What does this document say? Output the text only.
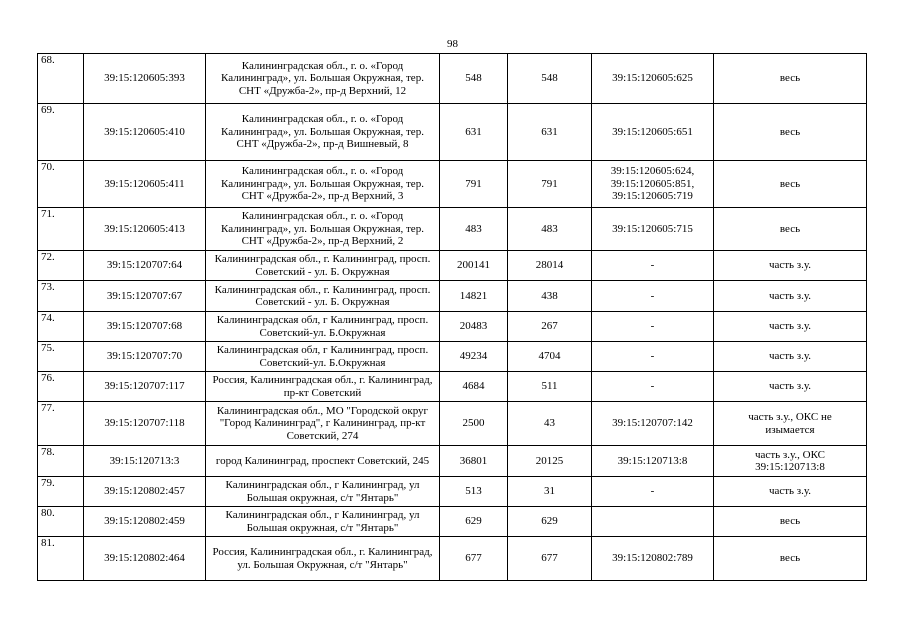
98
68.	39:15:120605:393	Калининградская обл., г. о. «Город Калининград», ул. Большая Окружная, тер. СНТ «Дружба-2», пр-д Верхний, 12	548	548	39:15:120605:625	весь
69.	39:15:120605:410	Калининградская обл., г. о. «Город Калининград», ул. Большая Окружная, тер. СНТ «Дружба-2», пр-д Вишневый, 8	631	631	39:15:120605:651	весь
70.	39:15:120605:411	Калининградская обл., г. о. «Город Калининград», ул. Большая Окружная, тер. СНТ «Дружба-2», пр-д Верхний, 3	791	791	39:15:120605:624,
39:15:120605:851,
39:15:120605:719	весь
71.	39:15:120605:413	Калининградская обл., г. о. «Город Калининград», ул. Большая Окружная, тер. СНТ «Дружба-2», пр-д Верхний, 2	483	483	39:15:120605:715	весь
72.	39:15:120707:64	Калининградская обл., г. Калининград, просп. Советский - ул. Б. Окружная	200141	28014	-	часть з.у.
73.	39:15:120707:67	Калининградская обл., г. Калининград, просп. Советский - ул. Б. Окружная	14821	438	-	часть з.у.
74.	39:15:120707:68	Калининградская обл, г Калининград, просп. Советский-ул. Б.Окружная	20483	267	-	часть з.у.
75.	39:15:120707:70	Калининградская обл, г Калининград, просп. Советский-ул. Б.Окружная	49234	4704	-	часть з.у.
76.	39:15:120707:117	Россия, Калининградская обл., г. Калининград, пр-кт Советский	4684	511	-	часть з.у.
77.	39:15:120707:118	Калининградская обл., МО "Городской округ "Город Калининград", г Калининград, пр-кт Советский, 274	2500	43	39:15:120707:142	часть з.у., ОКС не
изымается
78.	39:15:120713:3	город Калининград, проспект Советский, 245	36801	20125	39:15:120713:8	часть з.у., ОКС
39:15:120713:8
79.	39:15:120802:457	Калининградская обл., г Калининград, ул Большая окружная, с/т "Янтарь"	513	31	-	часть з.у.
80.	39:15:120802:459	Калининградская обл., г Калининград, ул Большая окружная, с/т "Янтарь"	629	629		весь
81.	39:15:120802:464	Россия, Калининградская обл., г. Калининград, ул. Большая Окружная, с/т "Янтарь"	677	677	39:15:120802:789	весь
